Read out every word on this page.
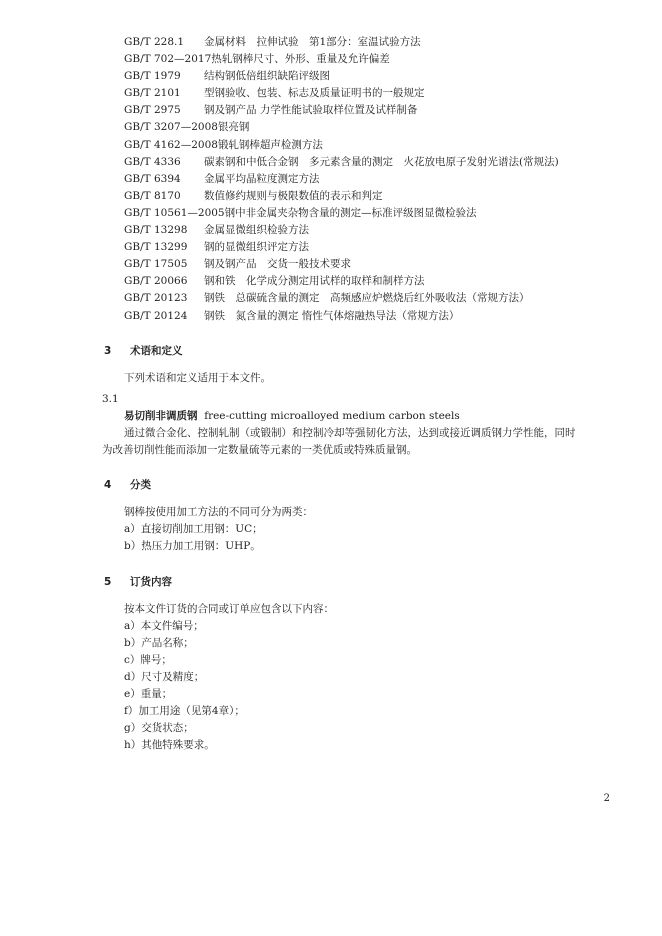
GB/T 228.1 金属材料　拉伸试验　第1部分：室温试验方法
GB/T 702—2017热轧钢棒尺寸、外形、重量及允许偏差
GB/T 1979 结构钢低倍组织缺陷评级图
GB/T 2101 型钢验收、包装、标志及质量证明书的一般规定
GB/T 2975 钢及钢产品 力学性能试验取样位置及试样制备
GB/T 3207—2008银亮钢
GB/T 4162—2008锻轧钢棒超声检测方法
GB/T 4336 碳素钢和中低合金钢　多元素含量的测定　火花放电原子发射光谱法(常规法)
GB/T 6394 金属平均晶粒度测定方法
GB/T 8170 数值修约规则与极限数值的表示和判定
GB/T 10561—2005钢中非金属夹杂物含量的测定—标准评级图显微检验法
GB/T 13298 金属显微组织检验方法
GB/T 13299 钢的显微组织评定方法
GB/T 17505 钢及钢产品　交货一般技术要求
GB/T 20066 钢和铁　化学成分测定用试样的取样和制样方法
GB/T 20123 钢铁　总碳硫含量的测定　高频感应炉燃烧后红外吸收法（常规方法）
GB/T 20124 钢铁　氮含量的测定 惰性气体熔融热导法（常规方法）
3 术语和定义
下列术语和定义适用于本文件。
3.1
易切削非调质钢 free-cutting microalloyed medium carbon steels
通过微合金化、控制轧制（或锻制）和控制冷却等强韧化方法，达到或接近调质钢力学性能，同时
为改善切削性能而添加一定数量硫等元素的一类优质或特殊质量钢。
4 分类
钢棒按使用加工方法的不同可分为两类：
a）直接切削加工用钢：UC；
b）热压力加工用钢：UHP。
5 订货内容
按本文件订货的合同或订单应包含以下内容：
a）本文件编号；
b）产品名称；
c）牌号；
d）尺寸及精度；
e）重量；
f）加工用途（见第4章）；
g）交货状态；
h）其他特殊要求。
2
